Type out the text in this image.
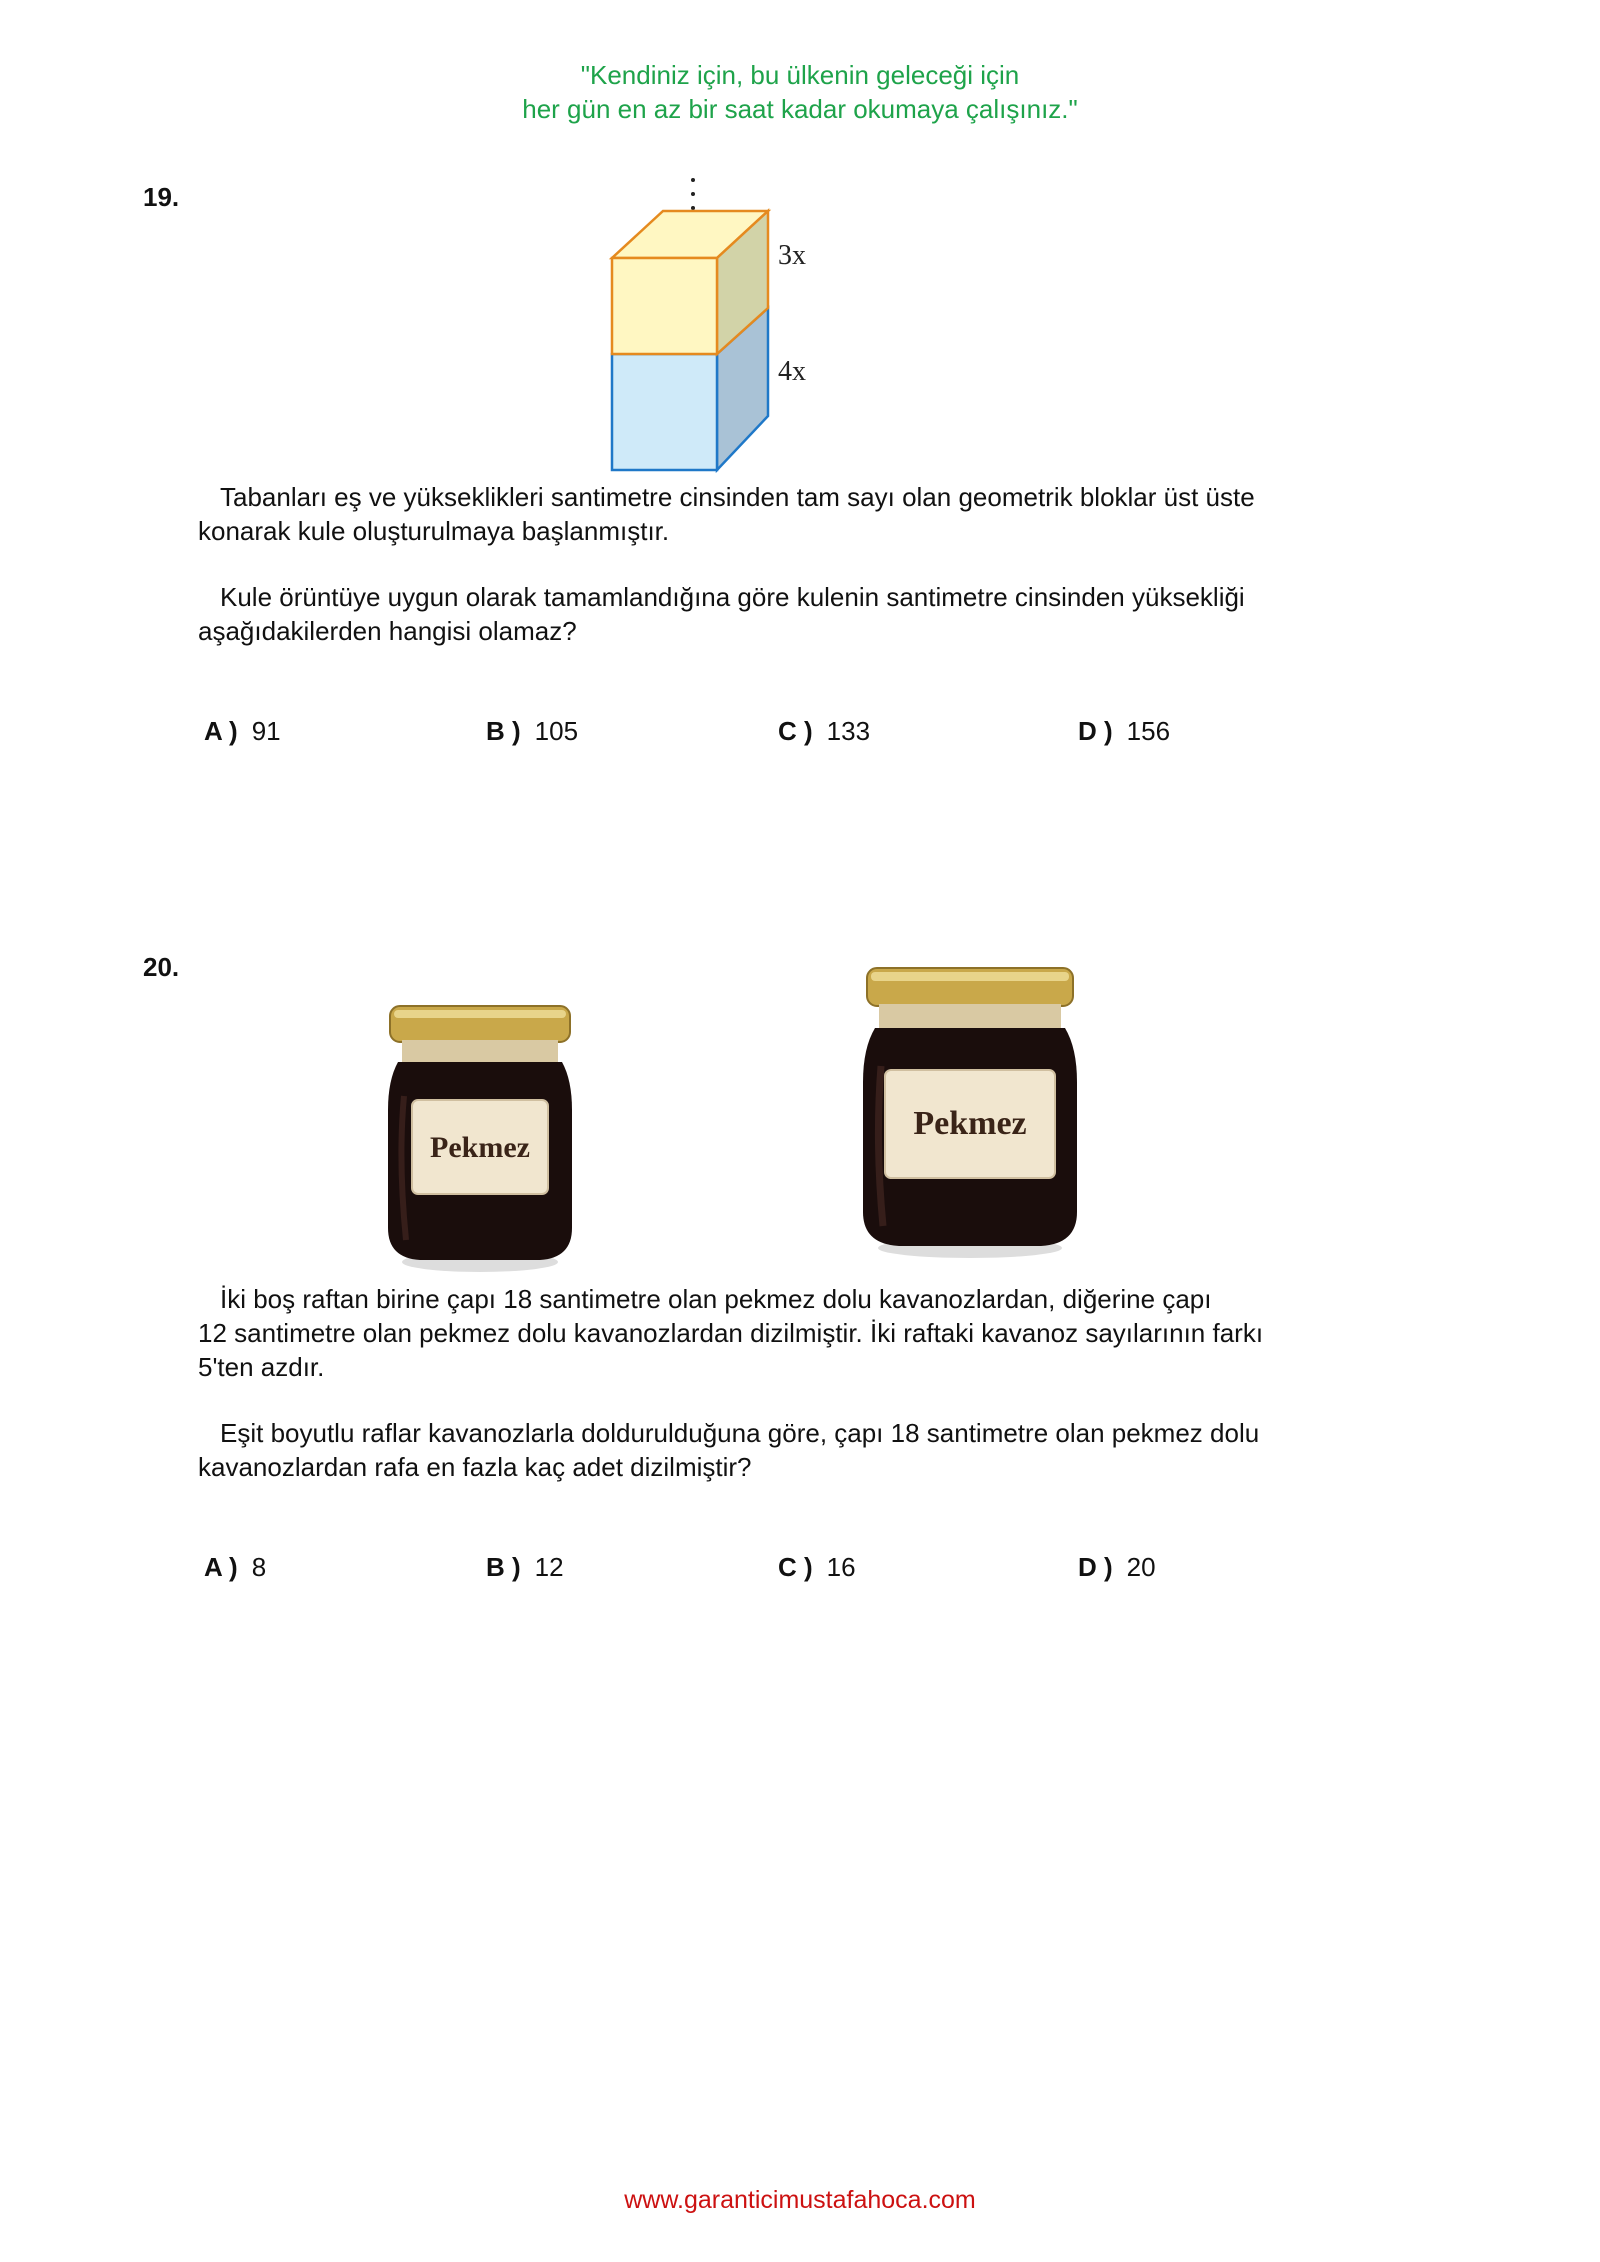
"Kendiniz için, bu ülkenin geleceği için
her gün en az bir saat kadar okumaya çalışınız."
19.
3x
4x
Tabanları eş ve yükseklikleri santimetre cinsinden tam sayı olan geometrik bloklar üst üste
konarak kule oluşturulmaya başlanmıştır.
Kule örüntüye uygun olarak tamamlandığına göre kulenin santimetre cinsinden yüksekliği
aşağıdakilerden hangisi olamaz?
A ) 91	B ) 105	C ) 133	D ) 156
20.
Pekmez
Pekmez
İki boş raftan birine çapı 18 santimetre olan pekmez dolu kavanozlardan, diğerine çapı
12 santimetre olan pekmez dolu kavanozlardan dizilmiştir. İki raftaki kavanoz sayılarının farkı
5'ten azdır.
Eşit boyutlu raflar kavanozlarla doldurulduğuna göre, çapı 18 santimetre olan pekmez dolu
kavanozlardan rafa en fazla kaç adet dizilmiştir?
A ) 8	B ) 12	C ) 16	D ) 20
www.garanticimustafahoca.com
